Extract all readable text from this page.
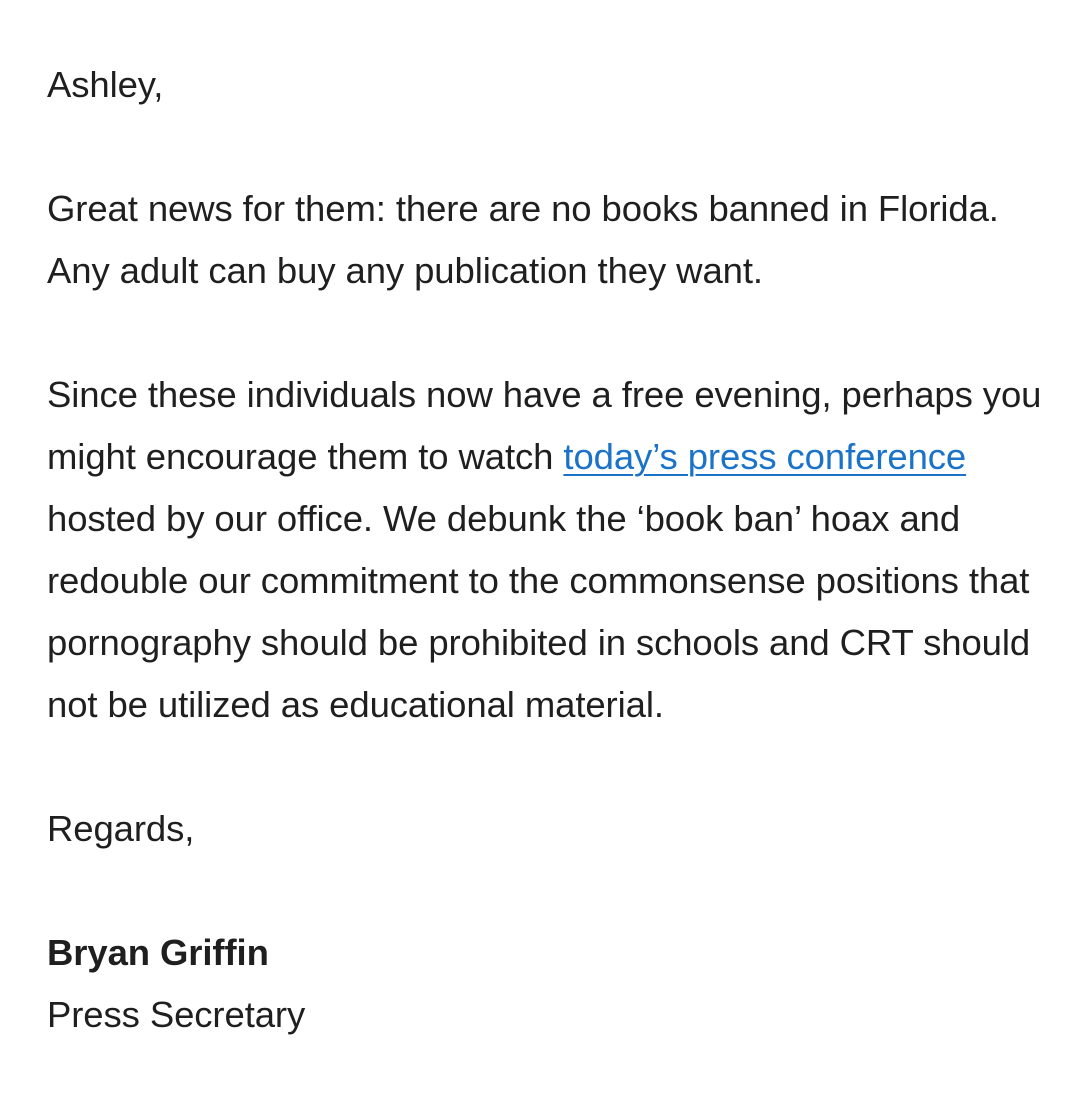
Ashley,

Great news for them: there are no books banned in Florida. Any adult can buy any publication they want.

Since these individuals now have a free evening, perhaps you might encourage them to watch today’s press conference hosted by our office. We debunk the ‘book ban’ hoax and redouble our commitment to the commonsense positions that pornography should be prohibited in schools and CRT should not be utilized as educational material.

Regards,

Bryan Griffin

Press Secretary
